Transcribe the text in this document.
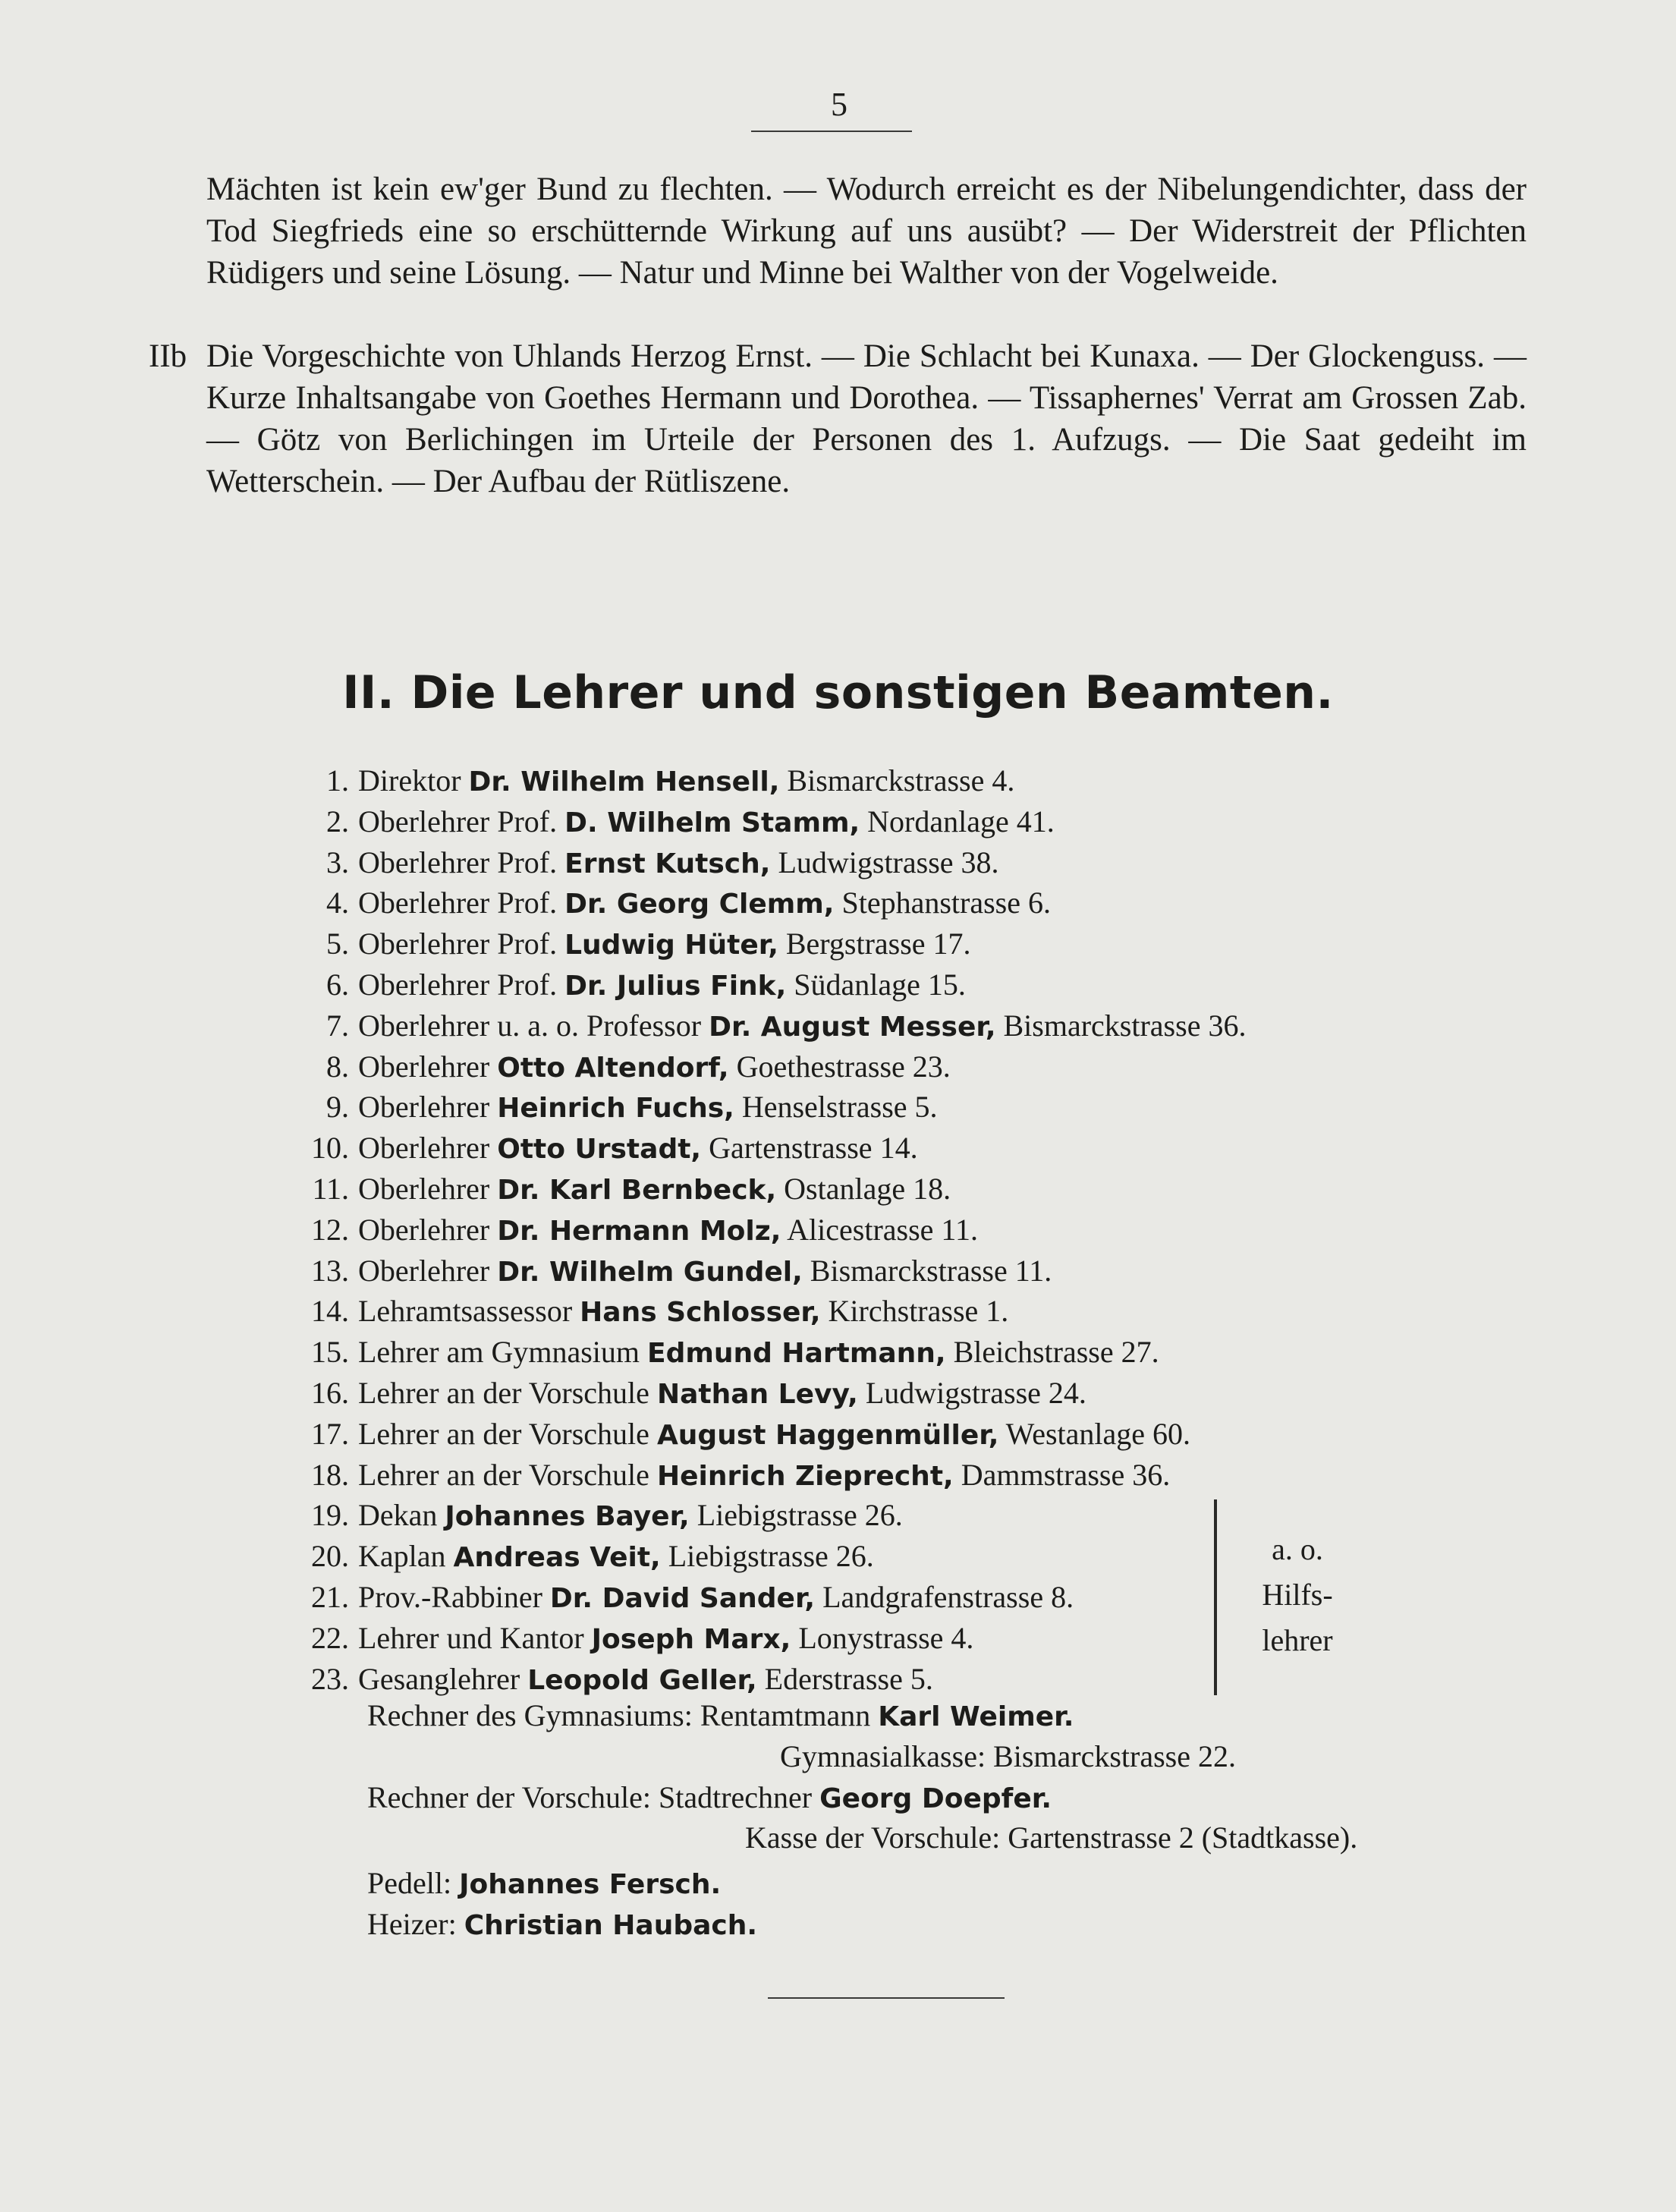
5

Mächten ist kein ew'ger Bund zu flechten. — Wodurch erreicht es der Nibelungendichter, dass der Tod Siegfrieds eine so erschütternde Wirkung auf uns ausübt? — Der Widerstreit der Pflichten Rüdigers und seine Lösung. — Natur und Minne bei Walther von der Vogelweide.

IIb Die Vorgeschichte von Uhlands Herzog Ernst. — Die Schlacht bei Kunaxa. — Der Glockenguss. — Kurze Inhaltsangabe von Goethes Hermann und Dorothea. — Tissaphernes' Verrat am Grossen Zab. — Götz von Berlichingen im Urteile der Personen des 1. Aufzugs. — Die Saat gedeiht im Wetterschein. — Der Aufbau der Rütliszene.
II. Die Lehrer und sonstigen Beamten.
1. Direktor Dr. Wilhelm Hensell, Bismarckstrasse 4.
2. Oberlehrer Prof. D. Wilhelm Stamm, Nordanlage 41.
3. Oberlehrer Prof. Ernst Kutsch, Ludwigstrasse 38.
4. Oberlehrer Prof. Dr. Georg Clemm, Stephanstrasse 6.
5. Oberlehrer Prof. Ludwig Hüter, Bergstrasse 17.
6. Oberlehrer Prof. Dr. Julius Fink, Südanlage 15.
7. Oberlehrer u. a. o. Professor Dr. August Messer, Bismarckstrasse 36.
8. Oberlehrer Otto Altendorf, Goethestrasse 23.
9. Oberlehrer Heinrich Fuchs, Henselstrasse 5.
10. Oberlehrer Otto Urstadt, Gartenstrasse 14.
11. Oberlehrer Dr. Karl Bernbeck, Ostanlage 18.
12. Oberlehrer Dr. Hermann Molz, Alicestrasse 11.
13. Oberlehrer Dr. Wilhelm Gundel, Bismarckstrasse 11.
14. Lehramtsassessor Hans Schlosser, Kirchstrasse 1.
15. Lehrer am Gymnasium Edmund Hartmann, Bleichstrasse 27.
16. Lehrer an der Vorschule Nathan Levy, Ludwigstrasse 24.
17. Lehrer an der Vorschule August Haggenmüller, Westanlage 60.
18. Lehrer an der Vorschule Heinrich Zieprecht, Dammstrasse 36.
19. Dekan Johannes Bayer, Liebigstrasse 26.
20. Kaplan Andreas Veit, Liebigstrasse 26.
21. Prov.-Rabbiner Dr. David Sander, Landgrafenstrasse 8.
22. Lehrer und Kantor Joseph Marx, Lonystrasse 4.
23. Gesanglehrer Leopold Geller, Ederstrasse 5.
a. o.
Hilfs-
lehrer
Rechner des Gymnasiums: Rentamtmann Karl Weimer.
Gymnasialkasse: Bismarckstrasse 22.
Rechner der Vorschule: Stadtrechner Georg Doepfer.
Kasse der Vorschule: Gartenstrasse 2 (Stadtkasse).
Pedell: Johannes Fersch.
Heizer: Christian Haubach.
